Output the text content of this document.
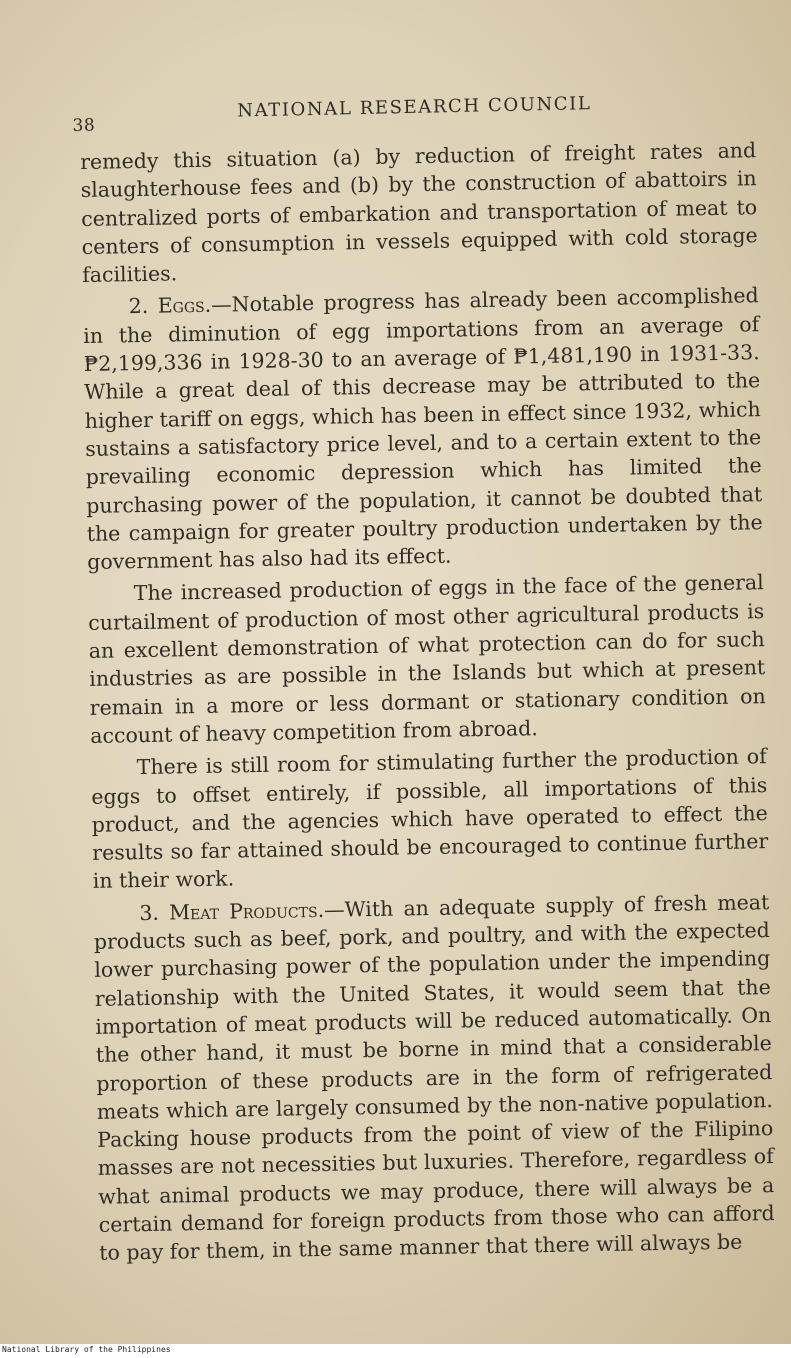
38
NATIONAL RESEARCH COUNCIL

remedy this situation (a) by reduction of freight rates and slaughterhouse fees and (b) by the construction of abattoirs in centralized ports of embarkation and transportation of meat to centers of consumption in vessels equipped with cold storage facilities.

2. Eggs.—Notable progress has already been accomplished in the diminution of egg importations from an average of ₱2,199,336 in 1928-30 to an average of ₱1,481,190 in 1931-33. While a great deal of this decrease may be attributed to the higher tariff on eggs, which has been in effect since 1932, which sustains a satisfactory price level, and to a certain extent to the prevailing economic depression which has limited the purchasing power of the population, it cannot be doubted that the campaign for greater poultry production undertaken by the government has also had its effect.

The increased production of eggs in the face of the general curtailment of production of most other agricultural products is an excellent demonstration of what protection can do for such industries as are possible in the Islands but which at present remain in a more or less dormant or stationary condition on account of heavy competition from abroad.

There is still room for stimulating further the production of eggs to offset entirely, if possible, all importations of this product, and the agencies which have operated to effect the results so far attained should be encouraged to continue further in their work.

3. Meat Products.—With an adequate supply of fresh meat products such as beef, pork, and poultry, and with the expected lower purchasing power of the population under the impending relationship with the United States, it would seem that the importation of meat products will be reduced automatically. On the other hand, it must be borne in mind that a considerable proportion of these products are in the form of refrigerated meats which are largely consumed by the non-native population. Packing house products from the point of view of the Filipino masses are not necessities but luxuries. Therefore, regardless of what animal products we may produce, there will always be a certain demand for foreign products from those who can afford to pay for them, in the same manner that there will always be

National Library of the Philippines
